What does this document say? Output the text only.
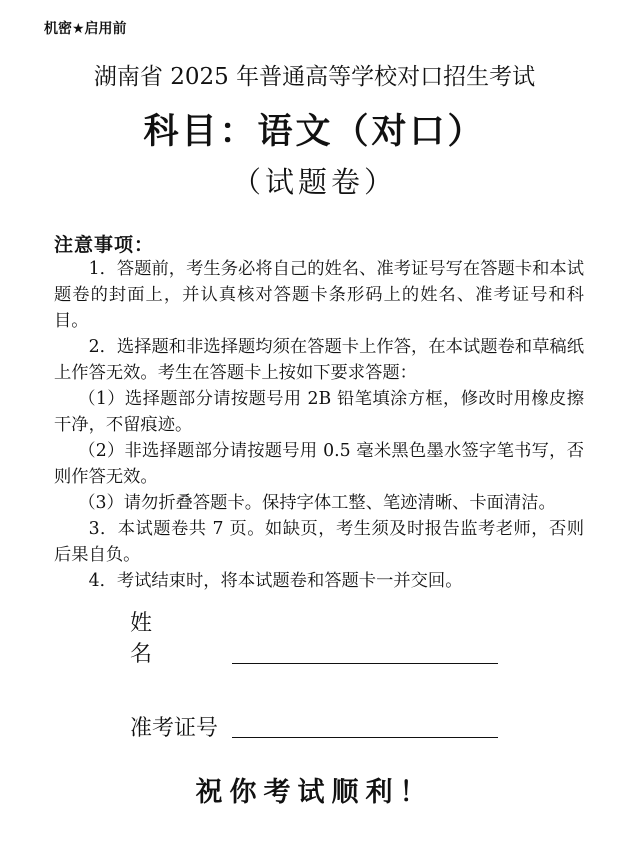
机密★启用前
湖南省 2025 年普通高等学校对口招生考试
科目：语文（对口）
（试题卷）
注意事项：

1．答题前，考生务必将自己的姓名、准考证号写在答题卡和本试题卷的封面上，并认真核对答题卡条形码上的姓名、准考证号和科目。

2．选择题和非选择题均须在答题卡上作答，在本试题卷和草稿纸上作答无效。考生在答题卡上按如下要求答题：

（1）选择题部分请按题号用 2B 铅笔填涂方框，修改时用橡皮擦干净，不留痕迹。

（2）非选择题部分请按题号用 0.5 毫米黑色墨水签字笔书写，否则作答无效。

（3）请勿折叠答题卡。保持字体工整、笔迹清晰、卡面清洁。

3．本试题卷共 7 页。如缺页，考生须及时报告监考老师，否则后果自负。

4．考试结束时，将本试题卷和答题卡一并交回。

姓名
准考证号
祝你考试顺利！
